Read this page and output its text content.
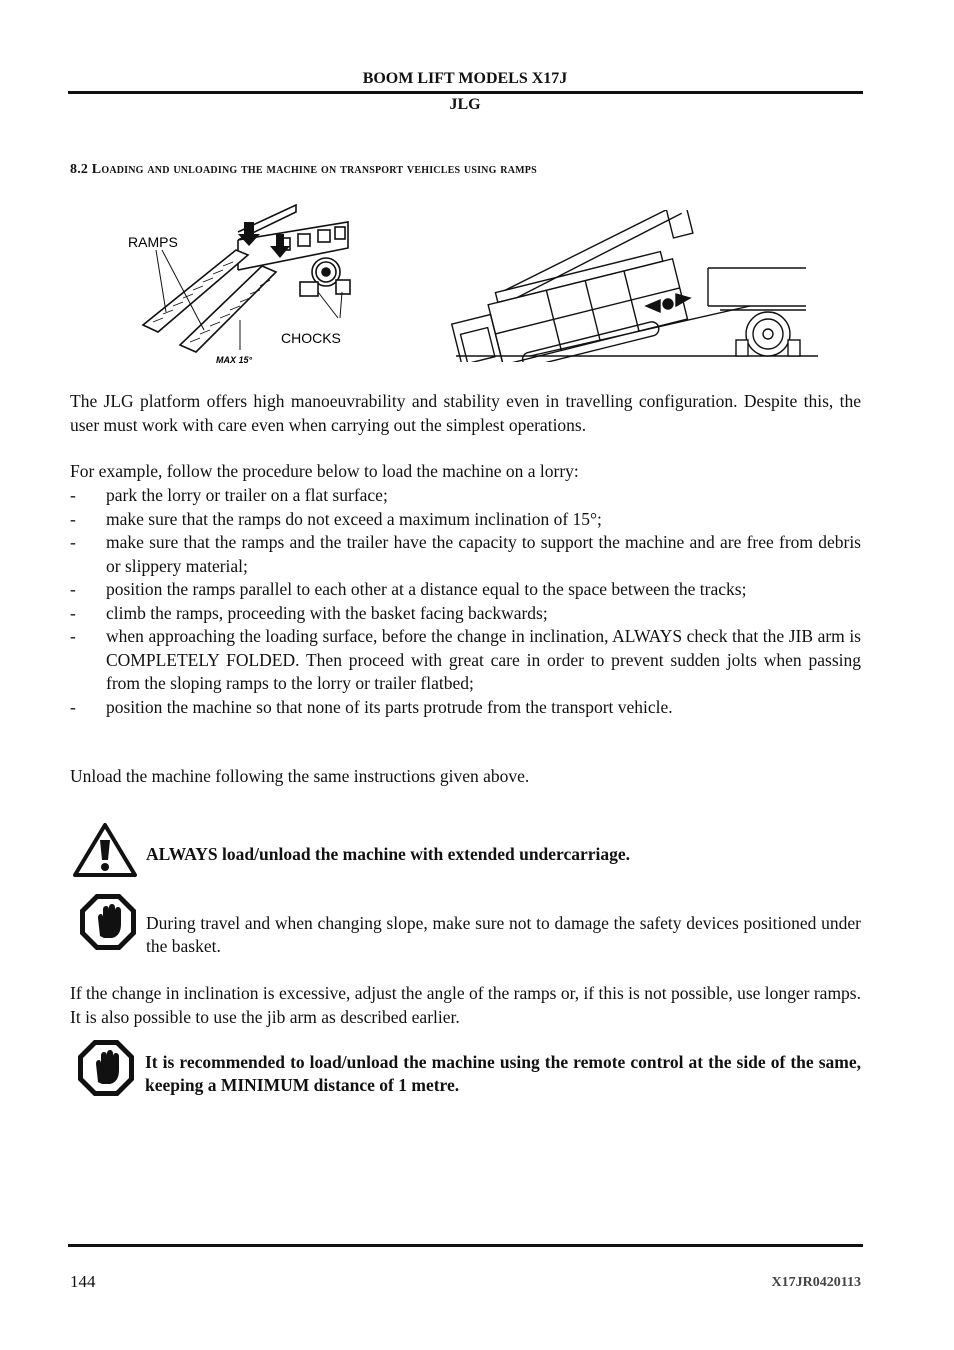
BOOM LIFT MODELS X17J
JLG
8.2 Loading and unloading the machine on transport vehicles using ramps
RAMPS
CHOCKS
MAX 15°
The JLG platform offers high manoeuvrability and stability even in travelling configuration. Despite this, the user must work with care even when carrying out the simplest operations.
For example, follow the procedure below to load the machine on a lorry:
- park the lorry or trailer on a flat surface;
- make sure that the ramps do not exceed a maximum inclination of 15°;
- make sure that the ramps and the trailer have the capacity to support the machine and are free from debris or slippery material;
- position the ramps parallel to each other at a distance equal to the space between the tracks;
- climb the ramps, proceeding with the basket facing backwards;
- when approaching the loading surface, before the change in inclination, ALWAYS check that the JIB arm is COMPLETELY FOLDED. Then proceed with great care in order to prevent sudden jolts when passing from the sloping ramps to the lorry or trailer flatbed;
- position the machine so that none of its parts protrude from the transport vehicle.
Unload the machine following the same instructions given above.
ALWAYS load/unload the machine with extended undercarriage.
During travel and when changing slope, make sure not to damage the safety devices positioned under the basket.
If the change in inclination is excessive, adjust the angle of the ramps or, if this is not possible, use longer ramps. It is also possible to use the jib arm as described earlier.
It is recommended to load/unload the machine using the remote control at the side of the same, keeping a MINIMUM distance of 1 metre.
144	X17JR0420113
